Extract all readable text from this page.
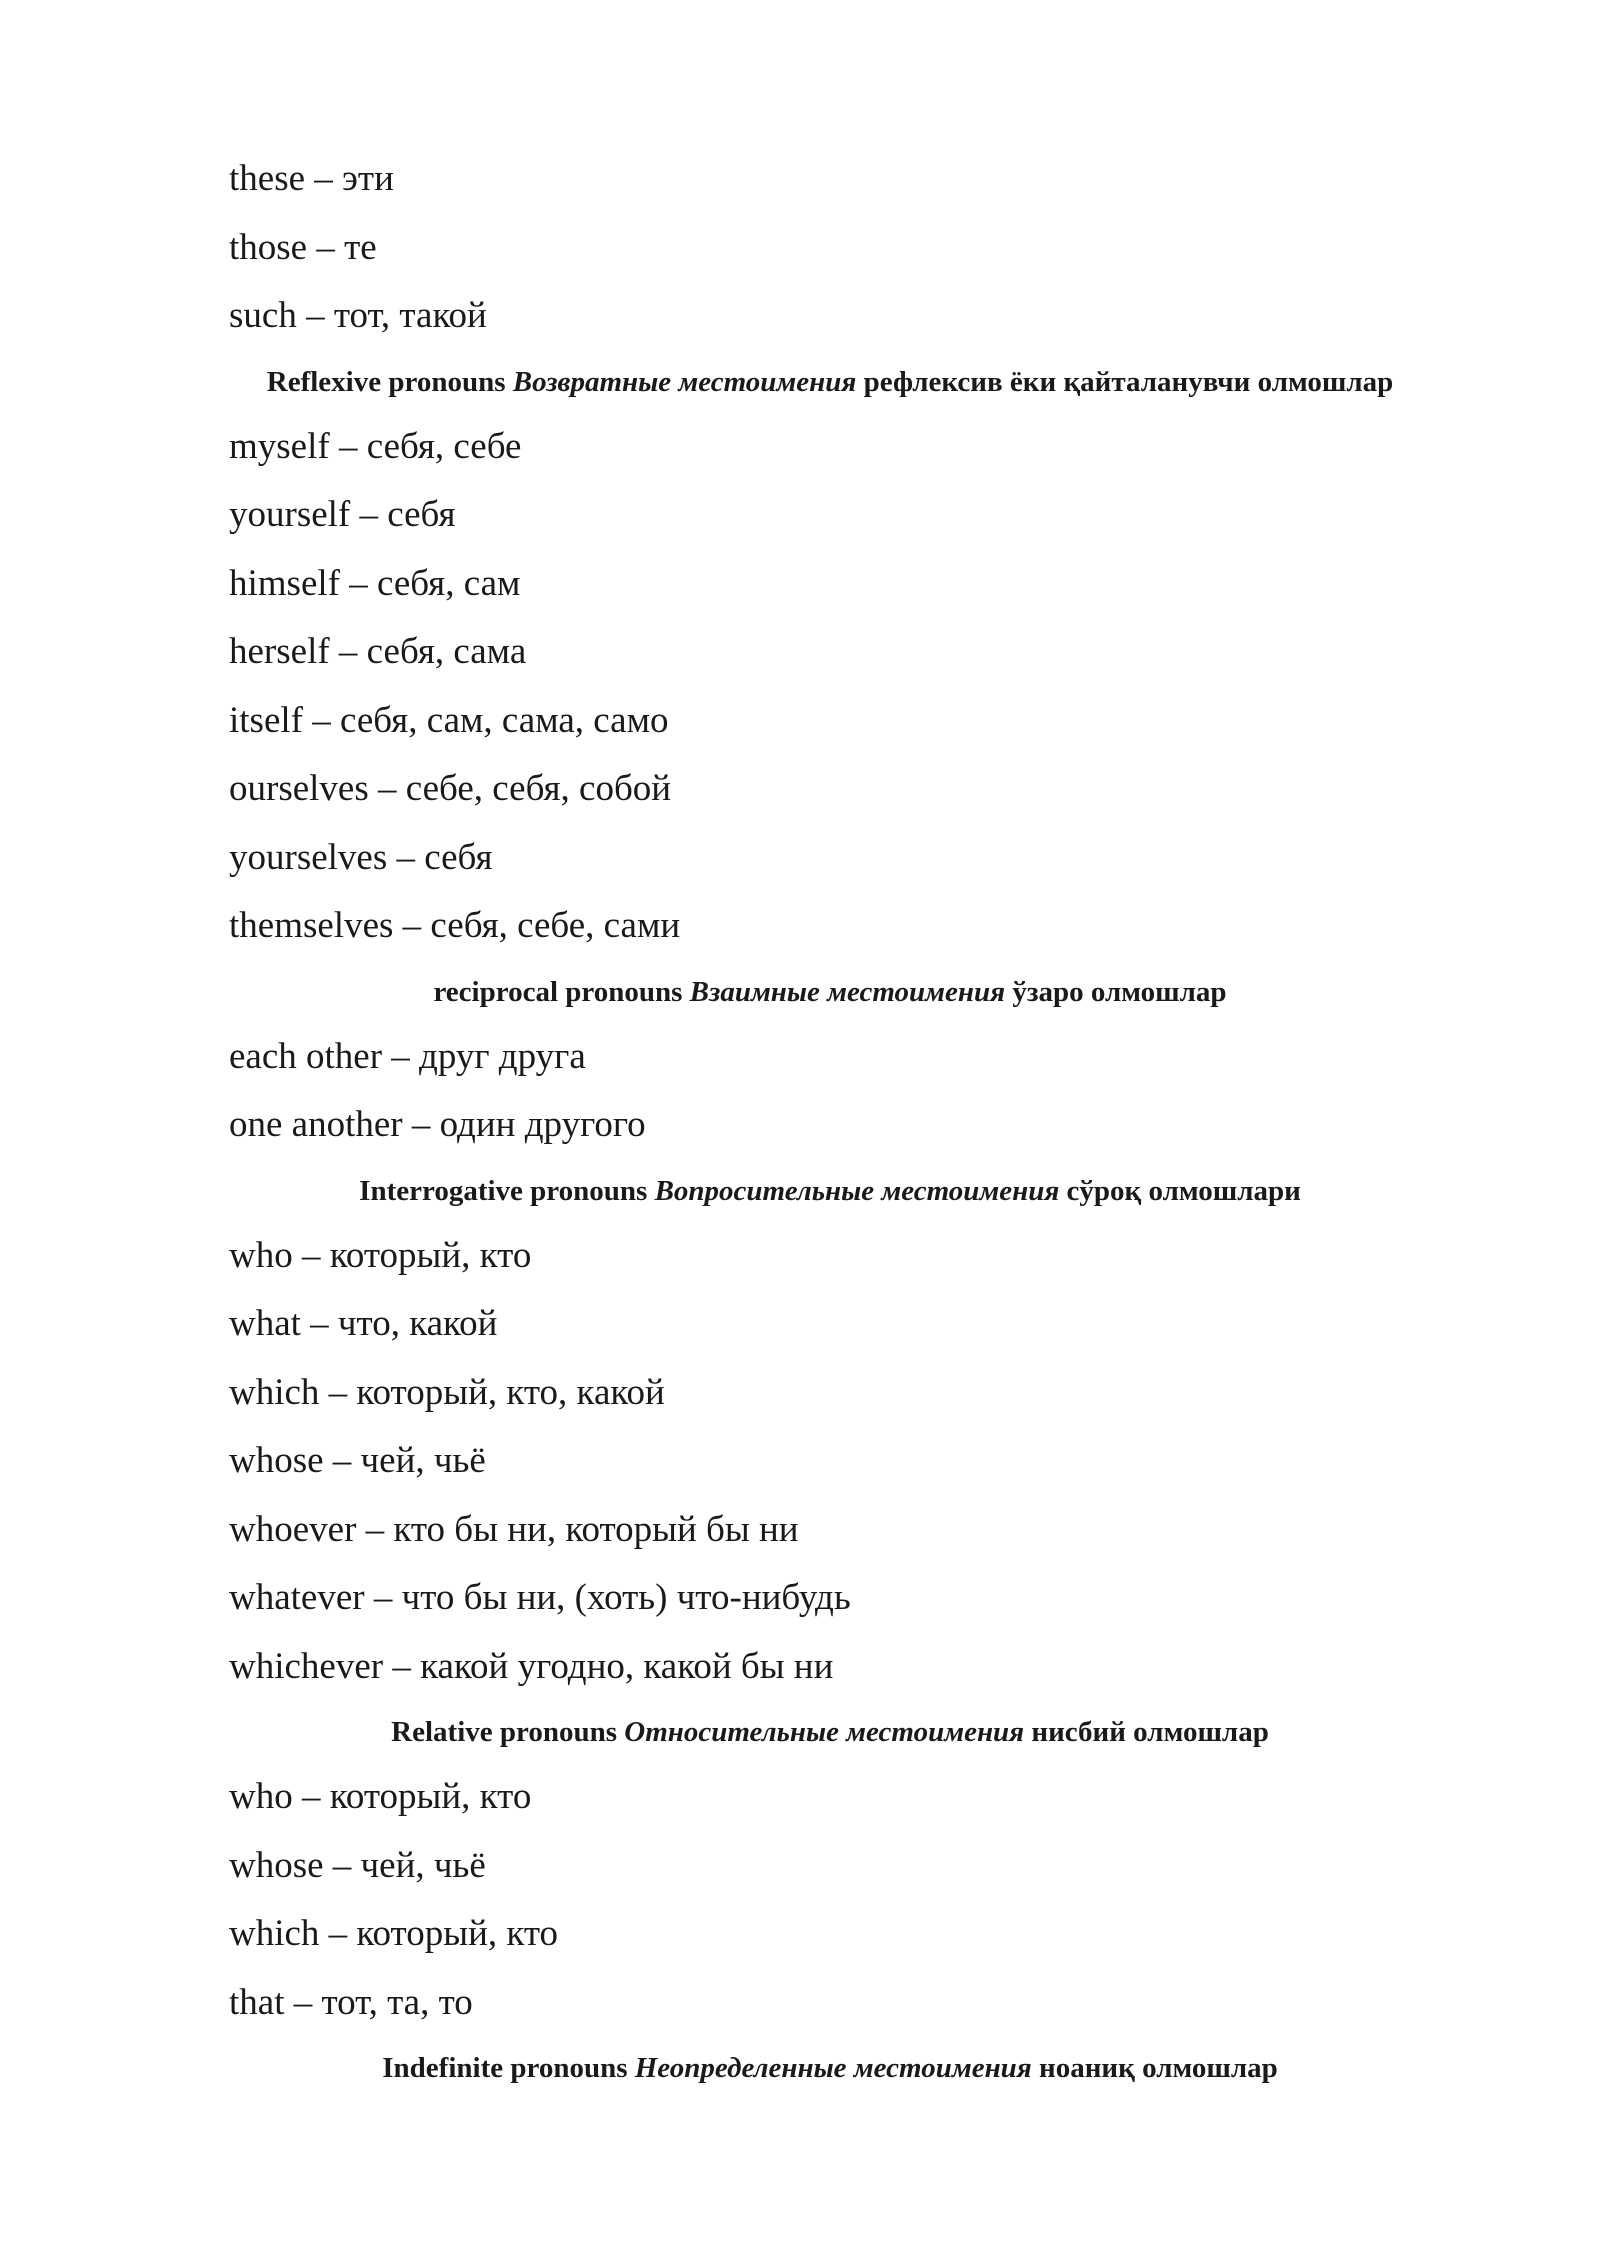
these – эти

those – те

such – тот, такой

Reflexive pronouns Возвратные местоимения рефлексив ёки қайталанувчи олмошлар

myself – себя, себе

yourself – себя

himself – себя, сам

herself – себя, сама

itself – себя, сам, сама, само

ourselves – себе, себя, собой

yourselves – себя

themselves – себя, себе, сами

reciprocal pronouns Взаимные местоимения ўзаро олмошлар

each other – друг друга

one another – один другого

Interrogative pronouns Вопросительные местоимения сўроқ олмошлари

who – который, кто

what – что, какой

which – который, кто, какой

whose – чей, чьё

whoever – кто бы ни, который бы ни

whatever – что бы ни, (хоть) что-нибудь

whichever – какой угодно, какой бы ни

Relative pronouns Относительные местоимения нисбий олмошлар

who – который, кто

whose – чей, чьё

which – который, кто

that – тот, та, то

Indefinite pronouns Неопределенные местоимения ноаниқ олмошлар
